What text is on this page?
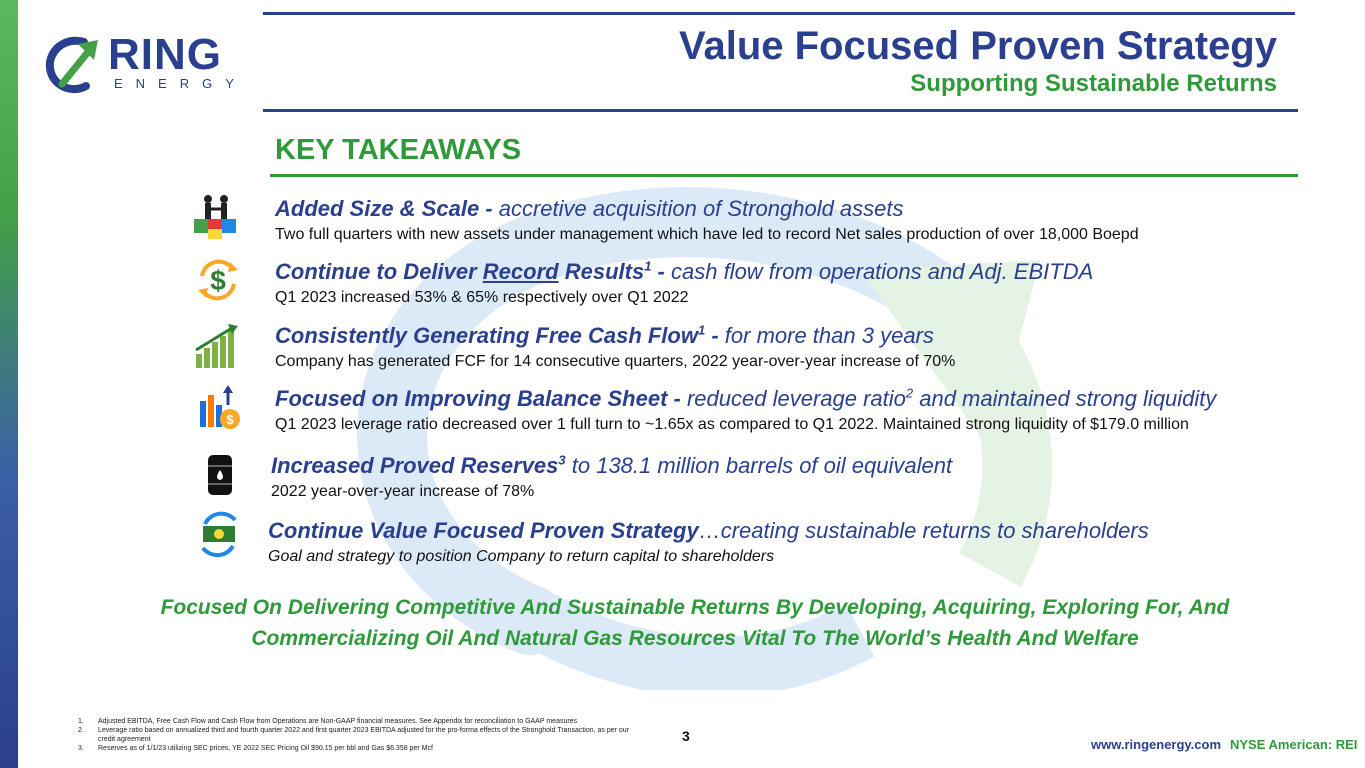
RING
ENERGY
Value Focused Proven Strategy
Supporting Sustainable Returns
KEY TAKEAWAYS
Added Size & Scale - accretive acquisition of Stronghold assets
Two full quarters with new assets under management which have led to record Net sales production of over 18,000 Boepd
$ Continue to Deliver Record Results$^1$ - cash flow from operations and Adj. EBITDA
Q1 2023 increased 53% & 65% respectively over Q1 2022
Consistently Generating Free Cash Flow$^1$ - for more than 3 years
Company has generated FCF for 14 consecutive quarters, 2022 year-over-year increase of 70%
$
Focused on Improving Balance Sheet - reduced leverage ratio$^2$ and maintained strong liquidity
Q1 2023 leverage ratio decreased over 1 full turn to ~1.65x as compared to Q1 2022. Maintained strong liquidity of $179.0 million
Increased Proved Reserves$^3$ to 138.1 million barrels of oil equivalent
2022 year-over-year increase of 78%
Continue Value Focused Proven Strategy…creating sustainable returns to shareholders
Goal and strategy to position Company to return capital to shareholders
Focused On Delivering Competitive And Sustainable Returns By Developing, Acquiring, Exploring For, And
Commercializing Oil And Natural Gas Resources Vital To The World’s Health And Welfare
1.	Adjusted EBITDA, Free Cash Flow and Cash Flow from Operations are Non-GAAP financial measures. See Appendix for reconciliation to GAAP measures
2.	Leverage ratio based on annualized third and fourth quarter 2022 and first quarter 2023 EBITDA adjusted for the pro-forma effects of the Stronghold Transaction, as per our credit agreement
3.	Reserves as of 1/1/23 utilizing SEC prices, YE 2022 SEC Pricing Oil $90.15 per bbl and Gas $6.358 per Mcf
3
www.ringenergy.com NYSE American: REI
